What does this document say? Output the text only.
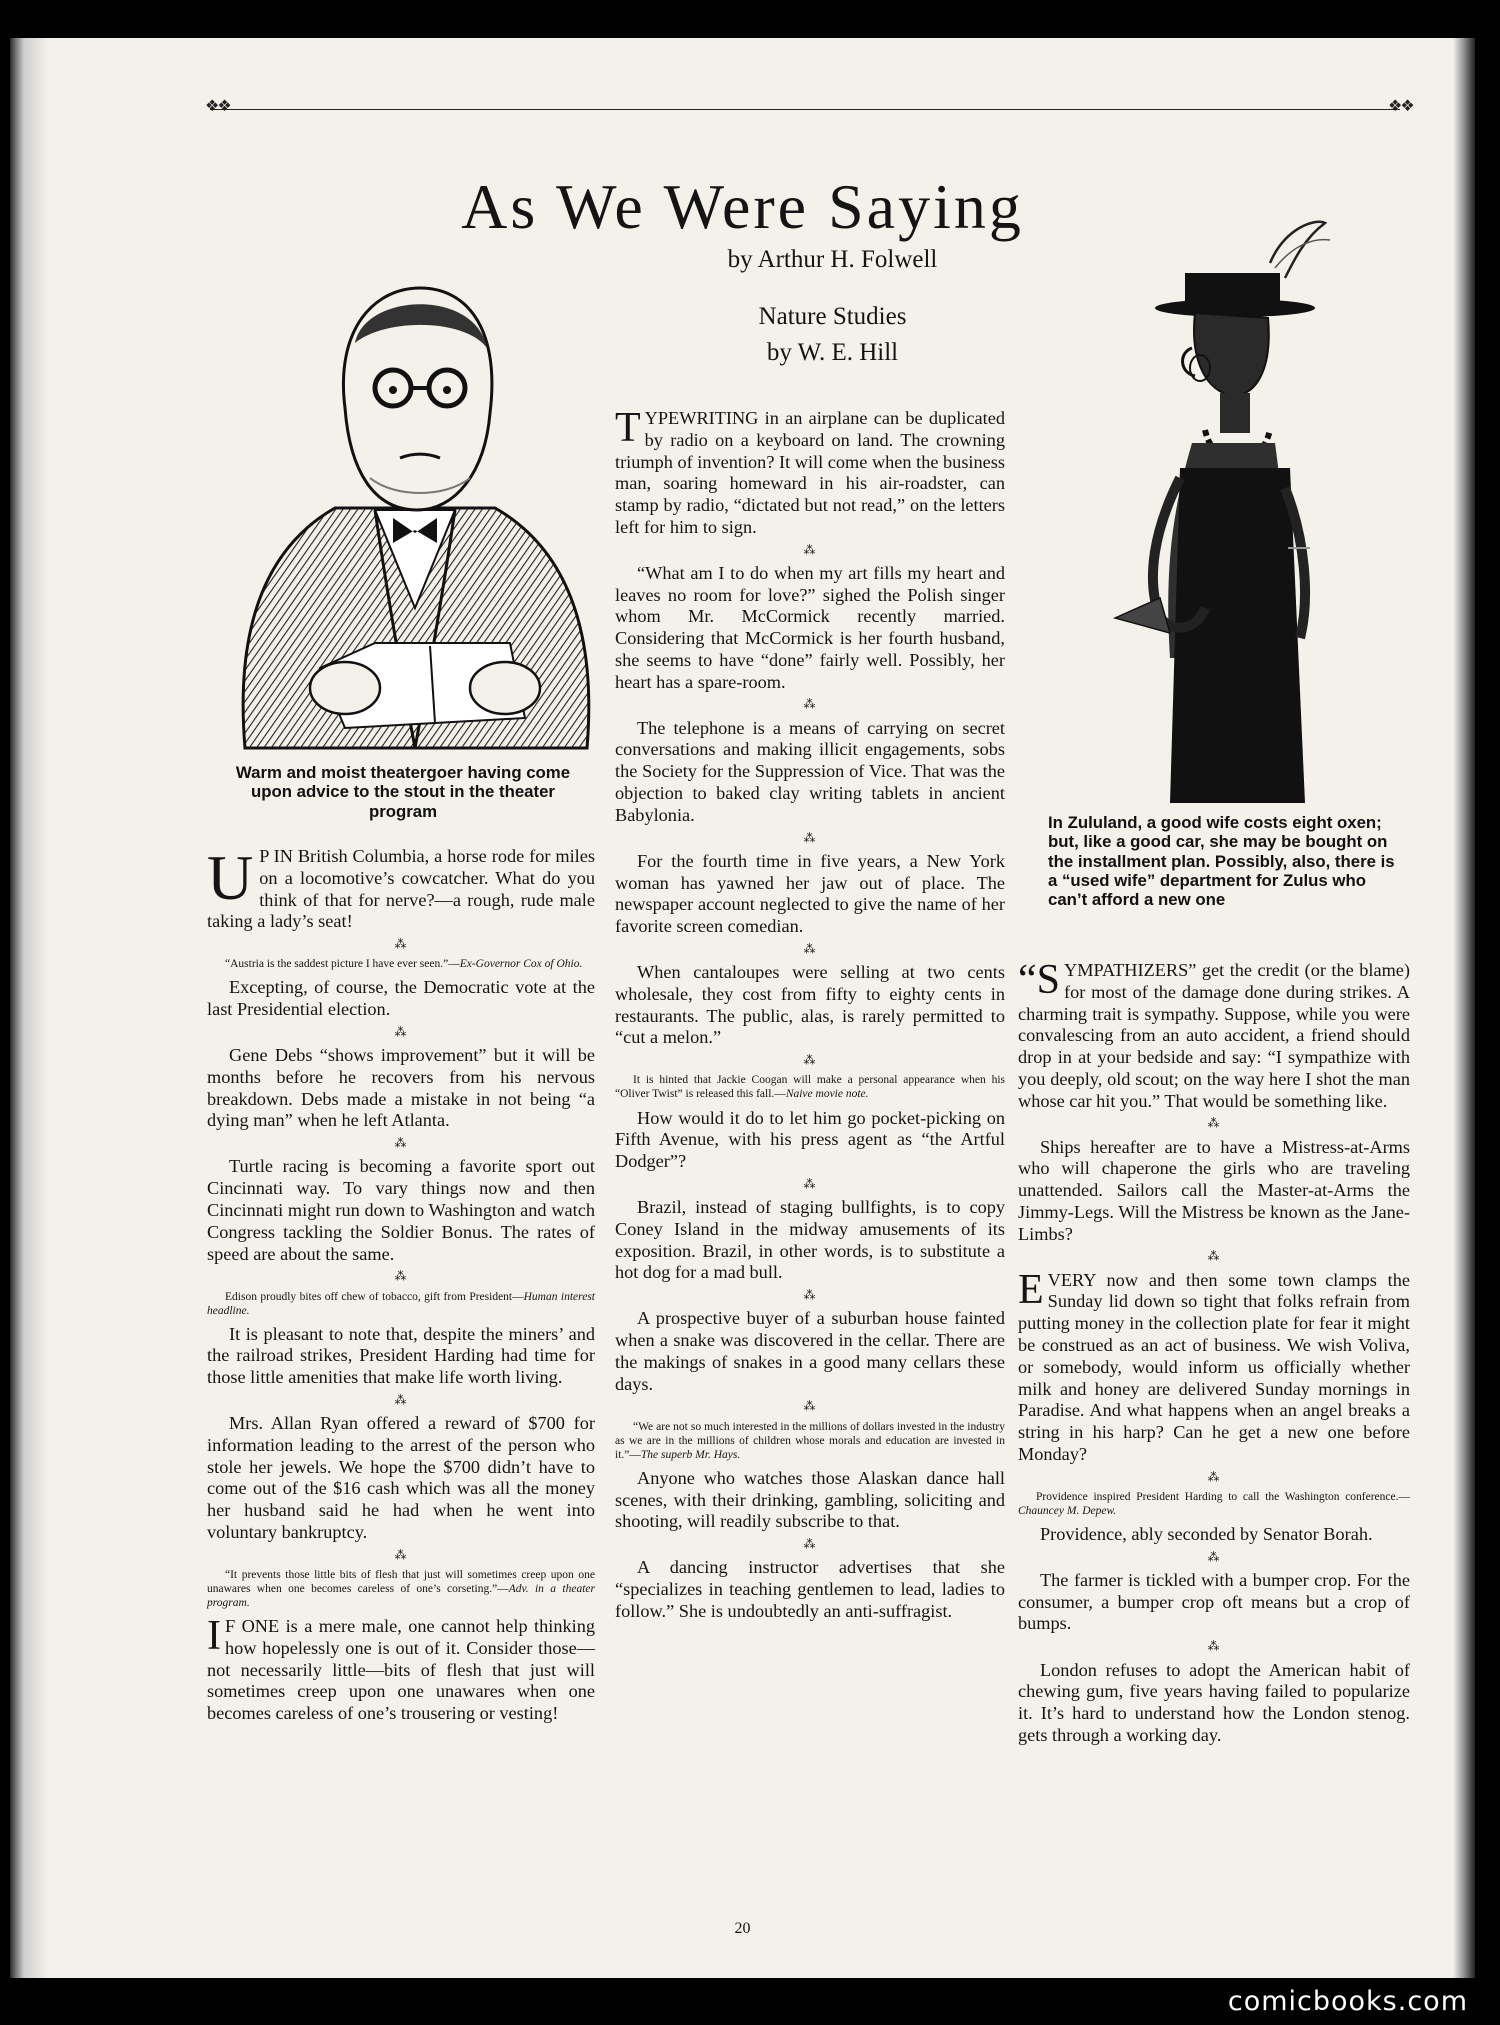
❖❖	❖❖
As We Were Saying
by Arthur H. Folwell
Nature Studies
by W. E. Hill
Warm and moist theatergoer having come upon advice to the stout in the theater program
In Zululand, a good wife costs eight oxen; but, like a good car, she may be bought on the installment plan. Possibly, also, there is a “used wife” department for Zulus who can’t afford a new one

U P IN British Columbia, a horse rode for miles on a locomotive’s cowcatcher. What do you think of that for nerve?—a rough, rude male taking a lady’s seat!

⁂

“Austria is the saddest picture I have ever seen.”—Ex-Governor Cox of Ohio.

Excepting, of course, the Democratic vote at the last Presidential election.

⁂

Gene Debs “shows improvement” but it will be months before he recovers from his nervous breakdown. Debs made a mistake in not being “a dying man” when he left Atlanta.

⁂

Turtle racing is becoming a favorite sport out Cincinnati way. To vary things now and then Cincinnati might run down to Washington and watch Congress tackling the Soldier Bonus. The rates of speed are about the same.

⁂

Edison proudly bites off chew of tobacco, gift from President—Human interest headline.

It is pleasant to note that, despite the miners’ and the railroad strikes, President Harding had time for those little amenities that make life worth living.

⁂

Mrs. Allan Ryan offered a reward of $700 for information leading to the arrest of the person who stole her jewels. We hope the $700 didn’t have to come out of the $16 cash which was all the money her husband said he had when he went into voluntary bankruptcy.

⁂

“It prevents those little bits of flesh that just will sometimes creep upon one unawares when one becomes careless of one’s corseting.”—Adv. in a theater program.

I F ONE is a mere male, one cannot help thinking how hopelessly one is out of it. Consider those—not necessarily little—bits of flesh that just will sometimes creep upon one unawares when one becomes careless of one’s trousering or vesting!

TYPEWRITING in an airplane can be duplicated by radio on a keyboard on land. The crowning triumph of invention? It will come when the business man, soaring homeward in his air-roadster, can stamp by radio, “dictated but not read,” on the letters left for him to sign.

⁂

“What am I to do when my art fills my heart and leaves no room for love?” sighed the Polish singer whom Mr. McCormick recently married. Considering that McCormick is her fourth husband, she seems to have “done” fairly well. Possibly, her heart has a spare-room.

⁂

The telephone is a means of carrying on secret conversations and making illicit engagements, sobs the Society for the Suppression of Vice. That was the objection to baked clay writing tablets in ancient Babylonia.

⁂

For the fourth time in five years, a New York woman has yawned her jaw out of place. The newspaper account neglected to give the name of her favorite screen comedian.

⁂

When cantaloupes were selling at two cents wholesale, they cost from fifty to eighty cents in restaurants. The public, alas, is rarely permitted to “cut a melon.”

⁂

It is hinted that Jackie Coogan will make a personal appearance when his “Oliver Twist” is released this fall.—Naive movie note.

How would it do to let him go pocket-picking on Fifth Avenue, with his press agent as “the Artful Dodger”?

⁂

Brazil, instead of staging bullfights, is to copy Coney Island in the midway amusements of its exposition. Brazil, in other words, is to substitute a hot dog for a mad bull.

⁂

A prospective buyer of a suburban house fainted when a snake was discovered in the cellar. There are the makings of snakes in a good many cellars these days.

⁂

“We are not so much interested in the millions of dollars invested in the industry as we are in the millions of children whose morals and education are invested in it.”—The superb Mr. Hays.

Anyone who watches those Alaskan dance hall scenes, with their drinking, gambling, soliciting and shooting, will readily subscribe to that.

⁂

A dancing instructor advertises that she “specializes in teaching gentlemen to lead, ladies to follow.” She is undoubtedly an anti-suffragist.

“SYMPATHIZERS” get the credit (or the blame) for most of the damage done during strikes. A charming trait is sympathy. Suppose, while you were convalescing from an auto accident, a friend should drop in at your bedside and say: “I sympathize with you deeply, old scout; on the way here I shot the man whose car hit you.” That would be something like.

⁂

Ships hereafter are to have a Mistress-at-Arms who will chaperone the girls who are traveling unattended. Sailors call the Master-at-Arms the Jimmy-Legs. Will the Mistress be known as the Jane-Limbs?

⁂

EVERY now and then some town clamps the Sunday lid down so tight that folks refrain from putting money in the collection plate for fear it might be construed as an act of business. We wish Voliva, or somebody, would inform us officially whether milk and honey are delivered Sunday mornings in Paradise. And what happens when an angel breaks a string in his harp? Can he get a new one before Monday?

⁂

Providence inspired President Harding to call the Washington conference.—Chauncey M. Depew.

Providence, ably seconded by Senator Borah.

⁂

The farmer is tickled with a bumper crop. For the consumer, a bumper crop oft means but a crop of bumps.

⁂

London refuses to adopt the American habit of chewing gum, five years having failed to popularize it. It’s hard to understand how the London stenog. gets through a working day.

20
comicbooks.com
